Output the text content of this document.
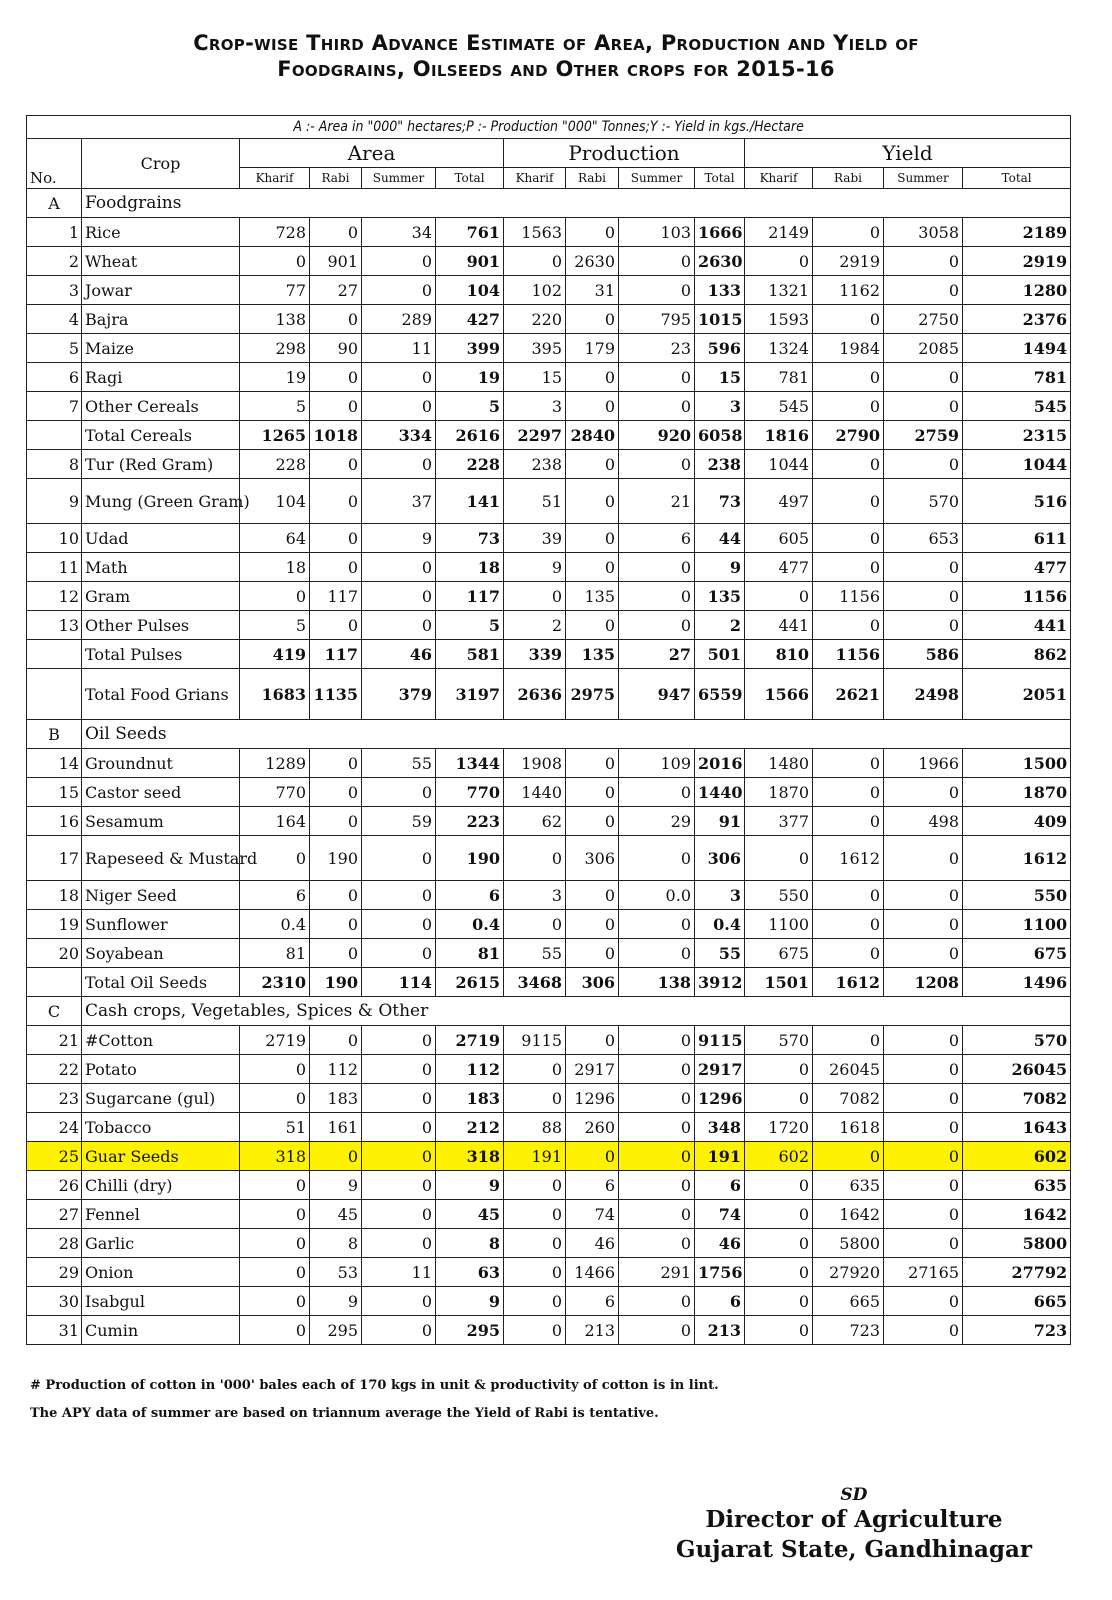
Crop-wise Third Advance Estimate of Area, Production and Yield of
Foodgrains, Oilseeds and Other crops for 2015-16
A :- Area in "000" hectares;P :- Production "000" Tonnes;Y :- Yield in kgs./Hectare													
	Crop	Area				Production				Yield			
No.		Kharif	Rabi	Summer	Total	Kharif	Rabi	Summer	Total	Kharif	Rabi	Summer	Total
A	Foodgrains												
1	Rice	728	0	34	761	1563	0	103	1666	2149	0	3058	2189
2	Wheat	0	901	0	901	0	2630	0	2630	0	2919	0	2919
3	Jowar	77	27	0	104	102	31	0	133	1321	1162	0	1280
4	Bajra	138	0	289	427	220	0	795	1015	1593	0	2750	2376
5	Maize	298	90	11	399	395	179	23	596	1324	1984	2085	1494
6	Ragi	19	0	0	19	15	0	0	15	781	0	0	781
7	Other Cereals	5	0	0	5	3	0	0	3	545	0	0	545
	Total Cereals	1265	1018	334	2616	2297	2840	920	6058	1816	2790	2759	2315
8	Tur (Red Gram)	228	0	0	228	238	0	0	238	1044	0	0	1044
9	Mung (Green Gram)	104	0	37	141	51	0	21	73	497	0	570	516
10	Udad	64	0	9	73	39	0	6	44	605	0	653	611
11	Math	18	0	0	18	9	0	0	9	477	0	0	477
12	Gram	0	117	0	117	0	135	0	135	0	1156	0	1156
13	Other Pulses	5	0	0	5	2	0	0	2	441	0	0	441
	Total Pulses	419	117	46	581	339	135	27	501	810	1156	586	862
	Total Food Grians	1683	1135	379	3197	2636	2975	947	6559	1566	2621	2498	2051
B	Oil Seeds												
14	Groundnut	1289	0	55	1344	1908	0	109	2016	1480	0	1966	1500
15	Castor seed	770	0	0	770	1440	0	0	1440	1870	0	0	1870
16	Sesamum	164	0	59	223	62	0	29	91	377	0	498	409
17	Rapeseed & Mustard	0	190	0	190	0	306	0	306	0	1612	0	1612
18	Niger Seed	6	0	0	6	3	0	0.0	3	550	0	0	550
19	Sunflower	0.4	0	0	0.4	0	0	0	0.4	1100	0	0	1100
20	Soyabean	81	0	0	81	55	0	0	55	675	0	0	675
	Total Oil Seeds	2310	190	114	2615	3468	306	138	3912	1501	1612	1208	1496
C	Cash crops, Vegetables, Spices & Other												
21	#Cotton	2719	0	0	2719	9115	0	0	9115	570	0	0	570
22	Potato	0	112	0	112	0	2917	0	2917	0	26045	0	26045
23	Sugarcane (gul)	0	183	0	183	0	1296	0	1296	0	7082	0	7082
24	Tobacco	51	161	0	212	88	260	0	348	1720	1618	0	1643
25	Guar Seeds	318	0	0	318	191	0	0	191	602	0	0	602
26	Chilli (dry)	0	9	0	9	0	6	0	6	0	635	0	635
27	Fennel	0	45	0	45	0	74	0	74	0	1642	0	1642
28	Garlic	0	8	0	8	0	46	0	46	0	5800	0	5800
29	Onion	0	53	11	63	0	1466	291	1756	0	27920	27165	27792
30	Isabgul	0	9	0	9	0	6	0	6	0	665	0	665
31	Cumin	0	295	0	295	0	213	0	213	0	723	0	723
# Production of cotton in '000' bales each of 170 kgs in unit & productivity of cotton is in lint.
The APY data of summer are based on triannum average the Yield of Rabi is tentative.
SD
Director of Agriculture
Gujarat State, Gandhinagar
